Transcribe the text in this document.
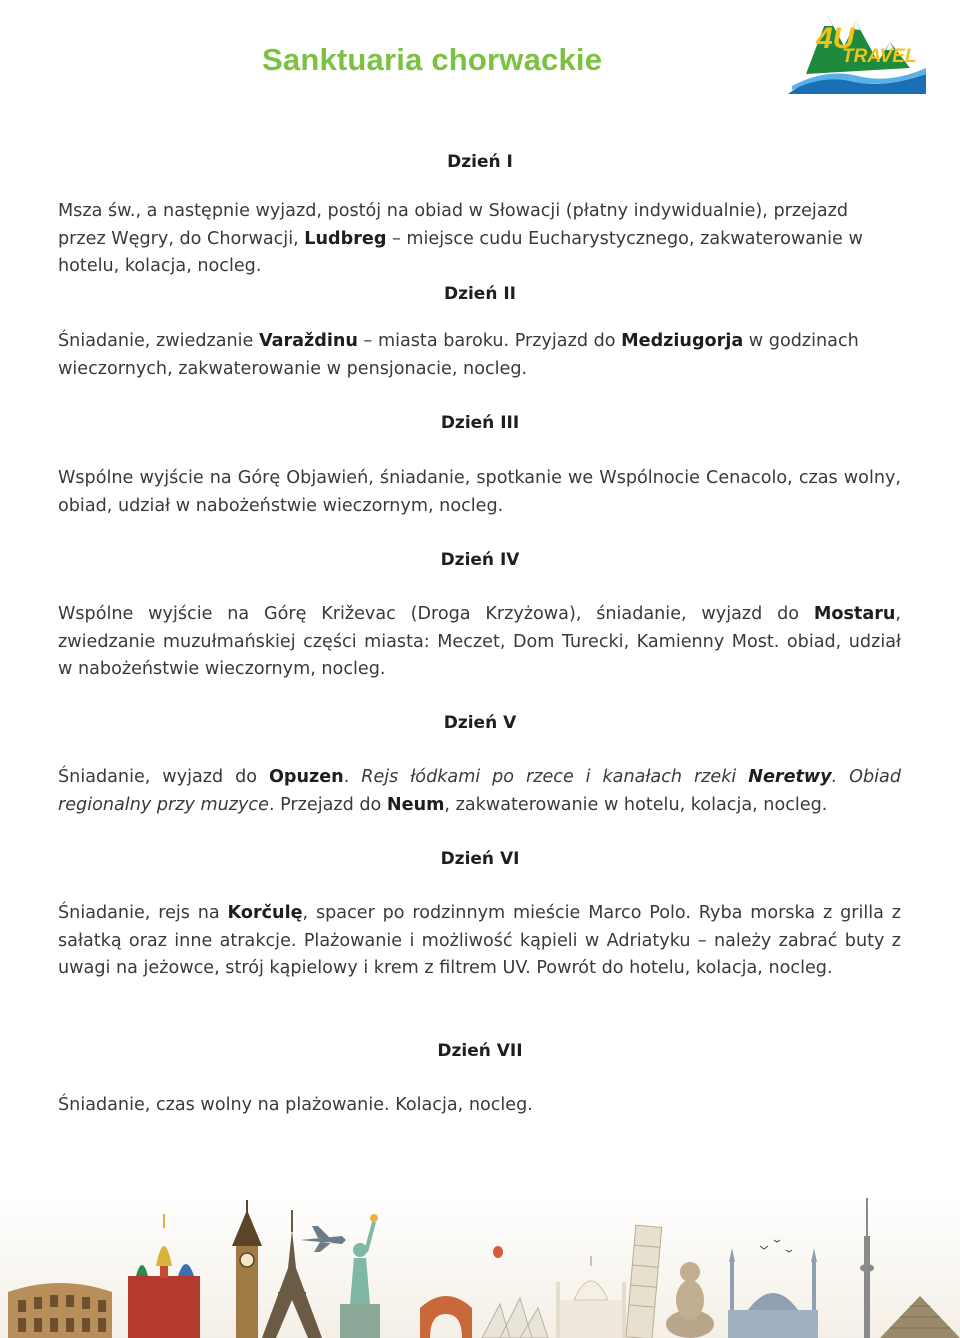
Sanktuaria chorwackie
4U
TRAVEL
Dzień I

Msza św., a następnie wyjazd, postój na obiad w Słowacji (płatny indywidualnie), przejazd przez Węgry, do Chorwacji, Ludbreg – miejsce cudu Eucharystycznego, zakwaterowanie w hotelu, kolacja, nocleg.

Dzień II

Śniadanie, zwiedzanie Varaždinu – miasta baroku. Przyjazd do Medziugorja w godzinach wieczornych, zakwaterowanie w pensjonacie, nocleg.

Dzień III

Wspólne wyjście na Górę Objawień, śniadanie, spotkanie we Wspólnocie Cenacolo, czas wolny, obiad, udział w nabożeństwie wieczornym, nocleg.

Dzień IV

Wspólne wyjście na Górę Križevac (Droga Krzyżowa), śniadanie, wyjazd do Mostaru, zwiedzanie muzułmańskiej części miasta: Meczet, Dom Turecki, Kamienny Most. obiad, udział w nabożeństwie wieczornym, nocleg.

Dzień V

Śniadanie, wyjazd do Opuzen. Rejs łódkami po rzece i kanałach rzeki Neretwy. Obiad regionalny przy muzyce. Przejazd do Neum, zakwaterowanie w hotelu, kolacja, nocleg.

Dzień VI

Śniadanie, rejs na Korčulę, spacer po rodzinnym mieście Marco Polo. Ryba morska z grilla z sałatką oraz inne atrakcje. Plażowanie i możliwość kąpieli w Adriatyku – należy zabrać buty z uwagi na jeżowce, strój kąpielowy i krem z filtrem UV. Powrót do hotelu, kolacja, nocleg.

Dzień VII

Śniadanie, czas wolny na plażowanie. Kolacja, nocleg.
